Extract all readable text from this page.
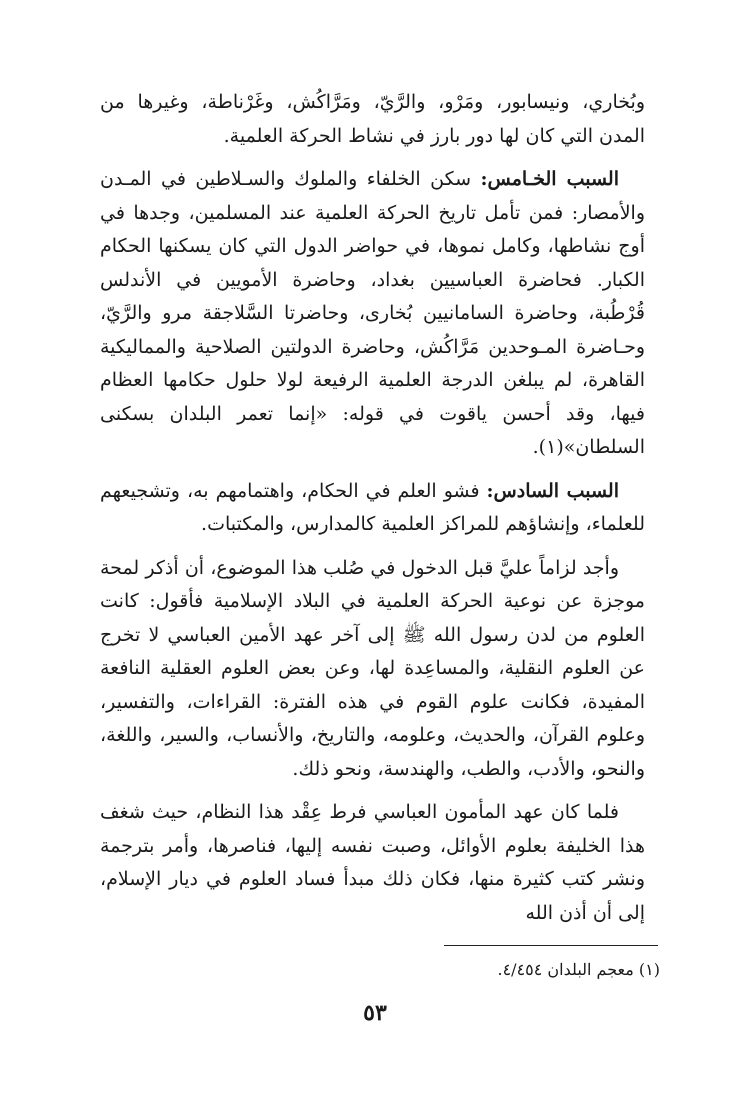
وبُخاري، ونيسابور، ومَرْو، والرَّيّ، ومَرَّاكُش، وغَرْناطة، وغيرها من المدن التي كان لها دور بارز في نشاط الحركة العلمية.

السبب الخـامس: سكن الخلفاء والملوك والسـلاطين في المـدن والأمصار: فمن تأمل تاريخ الحركة العلمية عند المسلمين، وجدها في أوج نشاطها، وكامل نموها، في حواضر الدول التي كان يسكنها الحكام الكبار. فحاضرة العباسيين بغداد، وحاضرة الأمويين في الأندلس قُرْطُبة، وحاضرة السامانيين بُخارى، وحاضرتا السَّلاجقة مرو والرَّيّ، وحـاضرة المـوحدين مَرَّاكُش، وحاضرة الدولتين الصلاحية والمماليكية القاهرة، لم يبلغن الدرجة العلمية الرفيعة لولا حلول حكامها العظام فيها، وقد أحسن ياقوت في قوله: «إنما تعمر البلدان بسكنى السلطان»(١).

السبب السادس: فشو العلم في الحكام، واهتمامهم به، وتشجيعهم للعلماء، وإنشاؤهم للمراكز العلمية كالمدارس، والمكتبات.

وأجد لزاماً عليَّ قبل الدخول في صُلب هذا الموضوع، أن أذكر لمحة موجزة عن نوعية الحركة العلمية في البلاد الإسلامية فأقول: كانت العلوم من لدن رسول الله ﷺ إلى آخر عهد الأمين العباسي لا تخرج عن العلوم النقلية، والمساعِدة لها، وعن بعض العلوم العقلية النافعة المفيدة، فكانت علوم القوم في هذه الفترة: القراءات، والتفسير، وعلوم القرآن، والحديث، وعلومه، والتاريخ، والأنساب، والسير، واللغة، والنحو، والأدب، والطب، والهندسة، ونحو ذلك.

فلما كان عهد المأمون العباسي فرط عِقْد هذا النظام، حيث شغف هذا الخليفة بعلوم الأوائل، وصبت نفسه إليها، فناصرها، وأمر بترجمة ونشر كتب كثيرة منها، فكان ذلك مبدأ فساد العلوم في ديار الإسلام، إلى أن أذن الله

(١) معجم البلدان ٤/٤٥٤.
٥٣
